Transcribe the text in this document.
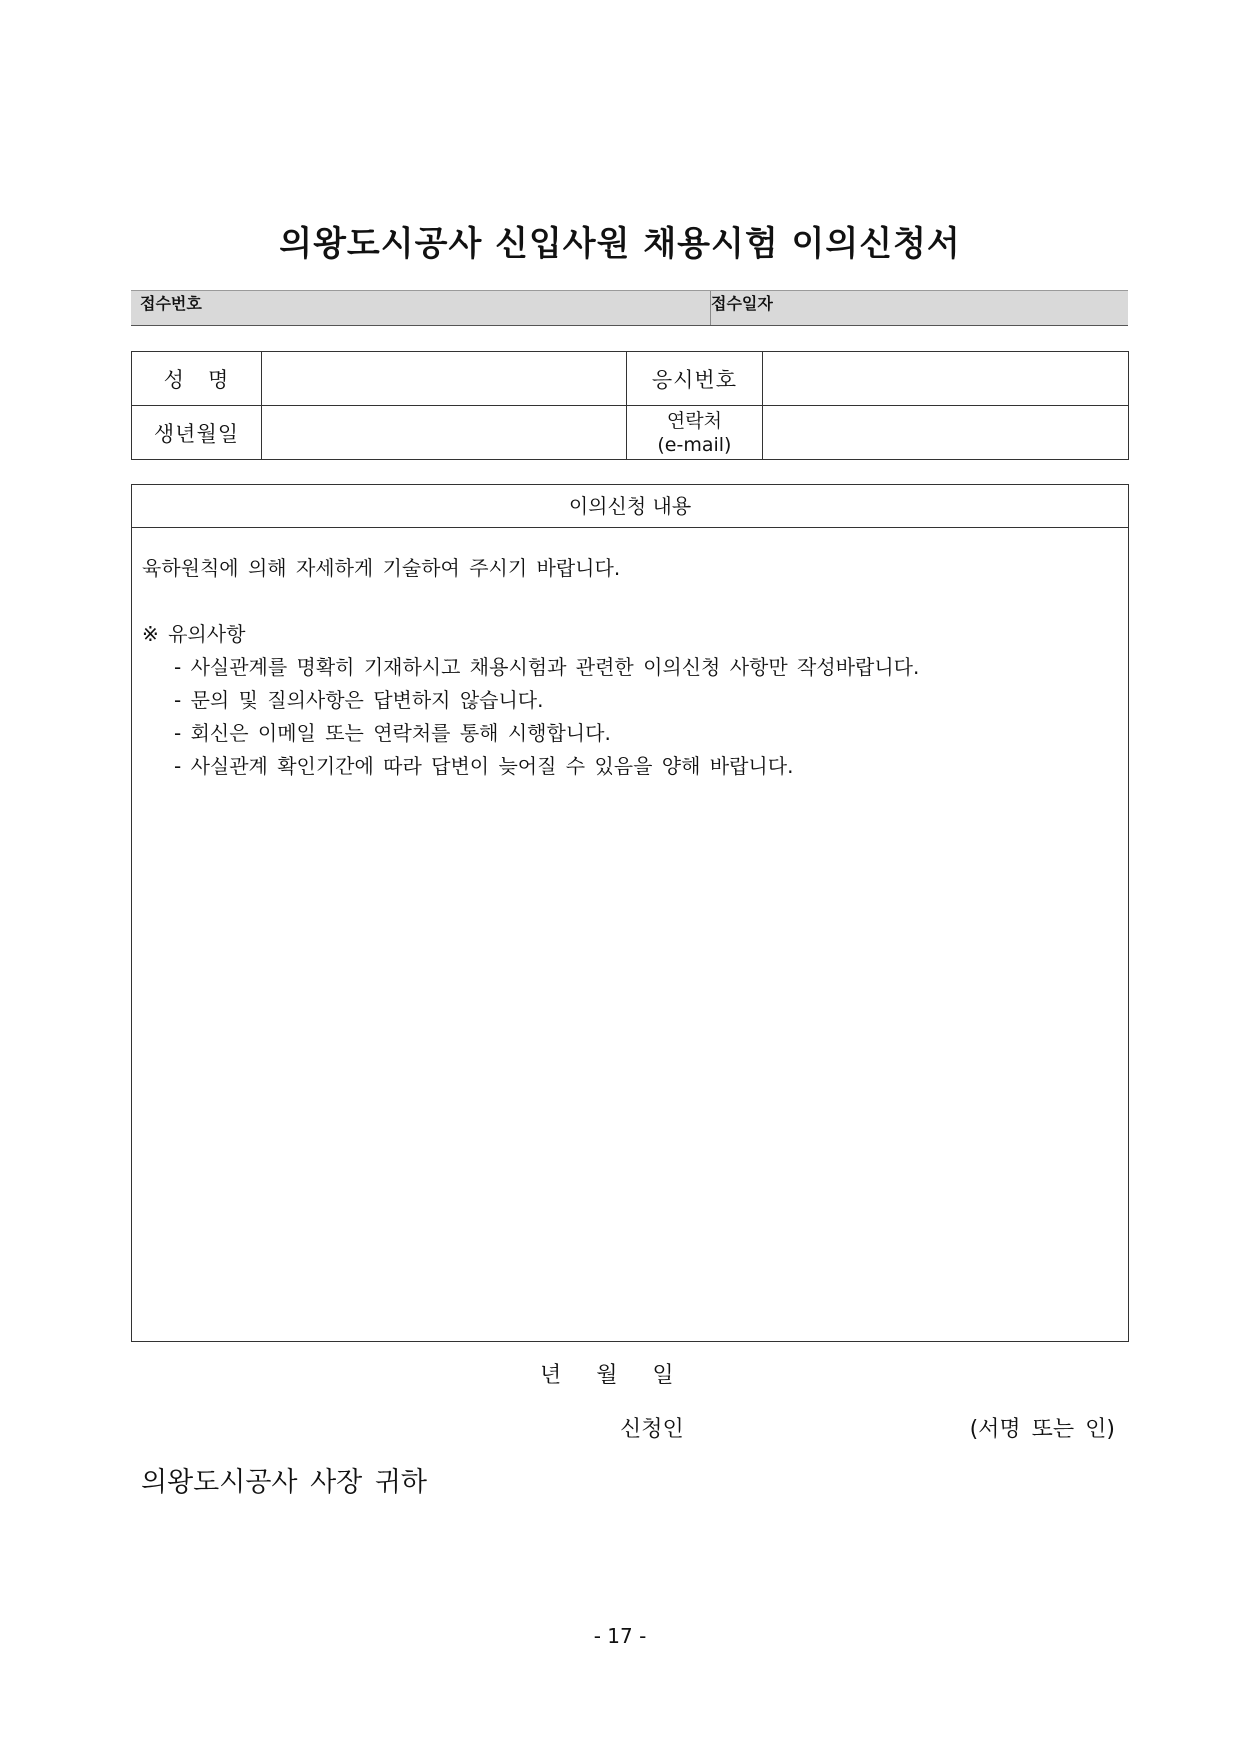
의왕도시공사 신입사원 채용시험 이의신청서
접수번호	접수일자
성   명		응시번호	
생년월일		연락처
(e-mail)	

이의신청 내용

육하원칙에 의해 자세하게 기술하여 주시기 바랍니다.

※ 유의사항

- 사실관계를 명확히 기재하시고 채용시험과 관련한 이의신청 사항만 작성바랍니다.

- 문의 및 질의사항은 답변하지 않습니다.

- 회신은 이메일 또는 연락처를 통해 시행합니다.

- 사실관계 확인기간에 따라 답변이 늦어질 수 있음을 양해 바랍니다.

년     월     일
신청인	(서명 또는 인)
의왕도시공사 사장 귀하
- 17 -
